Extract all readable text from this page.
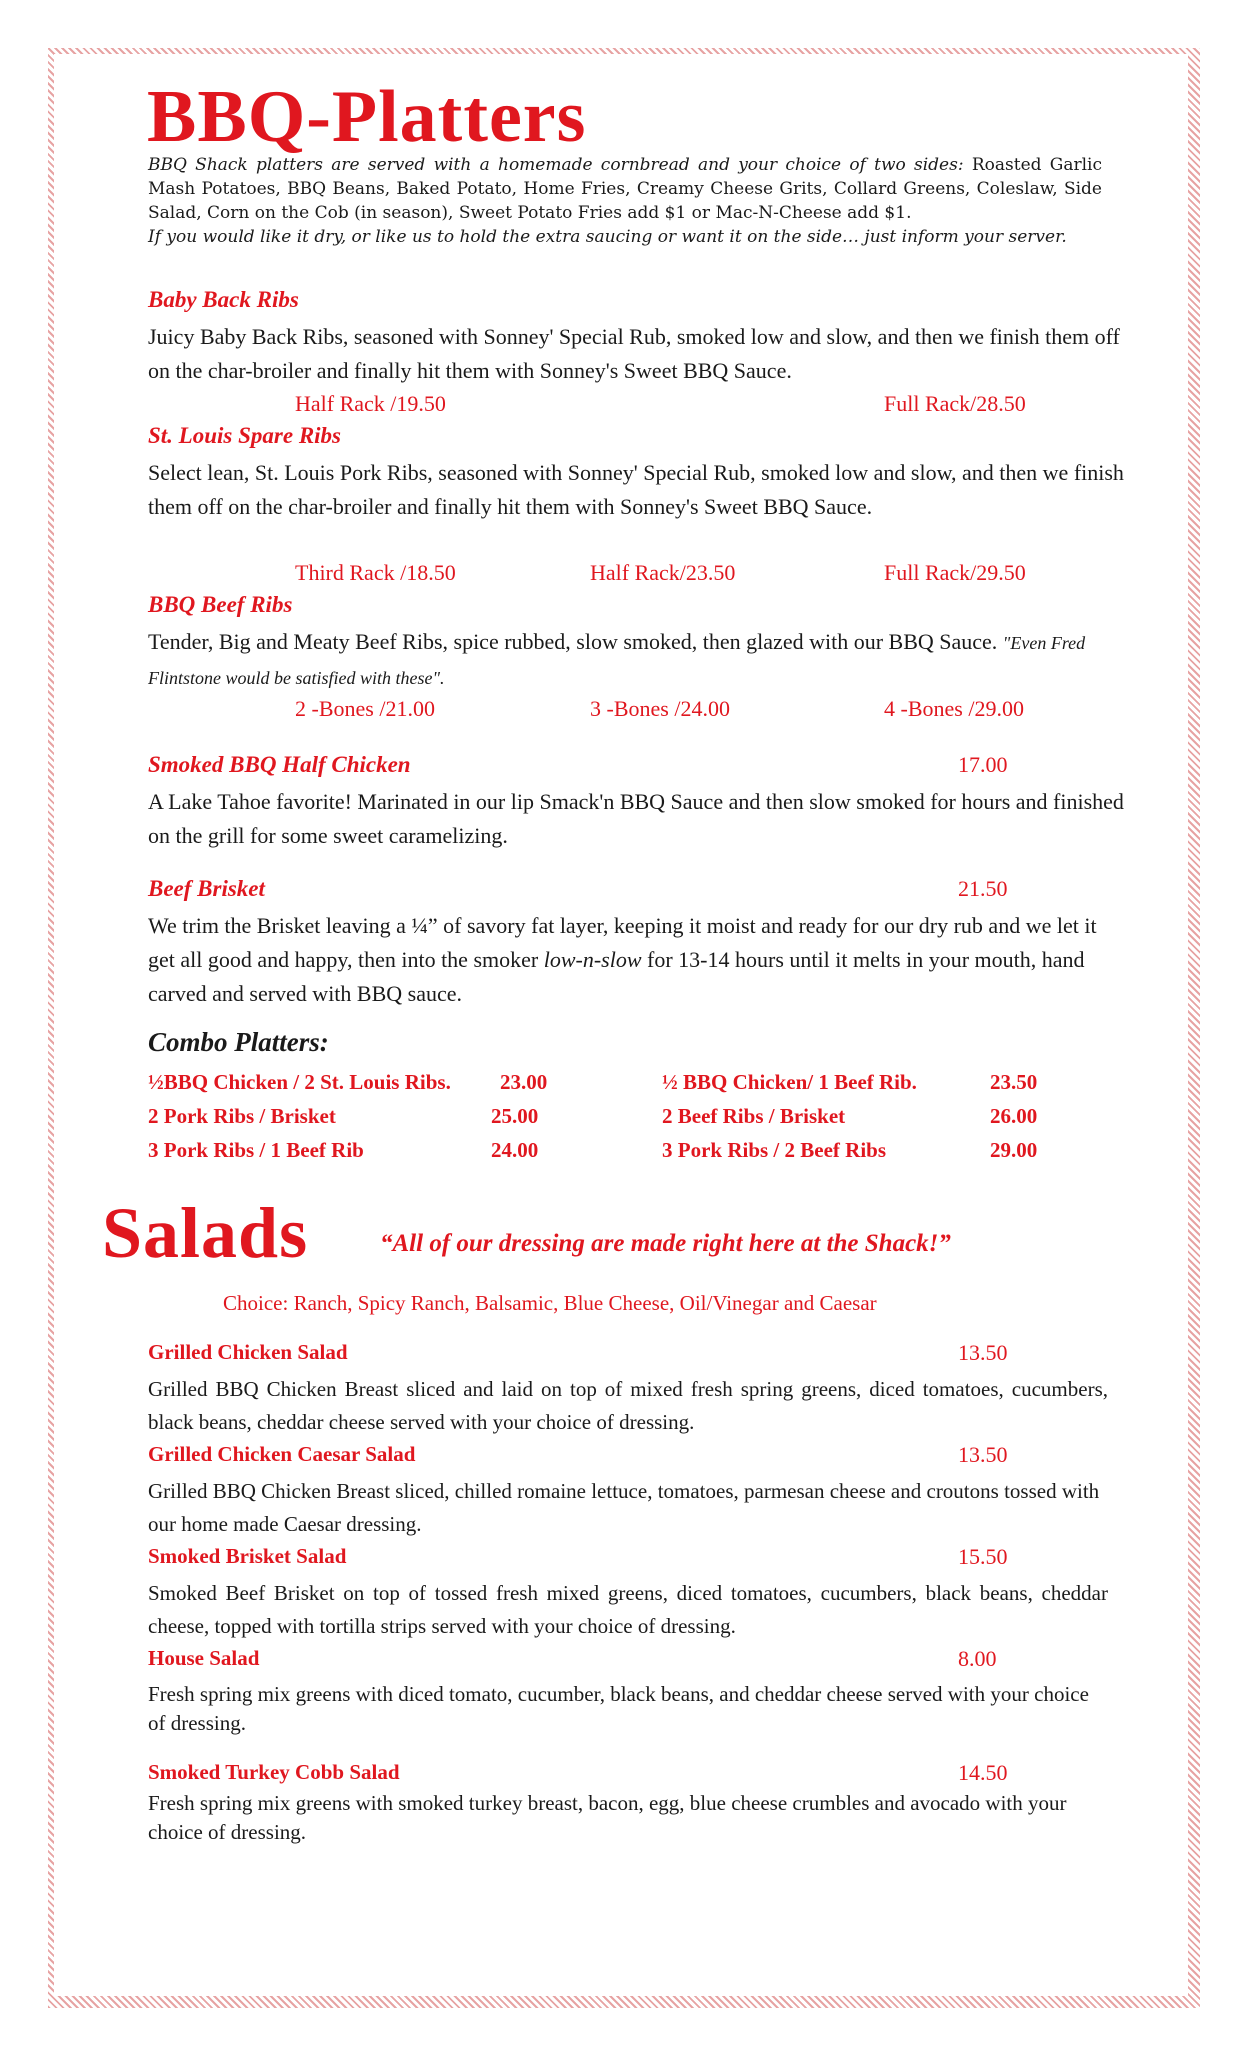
BBQ-Platters
BBQ Shack platters are served with a homemade cornbread and your choice of two sides: Roasted Garlic Mash Potatoes, BBQ Beans, Baked Potato, Home Fries, Creamy Cheese Grits, Collard Greens, Coleslaw, Side Salad, Corn on the Cob (in season), Sweet Potato Fries add $1 or Mac-N-Cheese add $1.
If you would like it dry, or like us to hold the extra saucing or want it on the side… just inform your server.
Baby Back Ribs
Juicy Baby Back Ribs, seasoned with Sonney' Special Rub, smoked low and slow, and then we finish them off on the char-broiler and finally hit them with Sonney's Sweet BBQ Sauce.
Half Rack /19.50	Full Rack/28.50
St. Louis Spare Ribs
Select lean, St. Louis Pork Ribs, seasoned with Sonney' Special Rub, smoked low and slow, and then we finish them off on the char-broiler and finally hit them with Sonney's Sweet BBQ Sauce.
Third Rack /18.50	Half Rack/23.50	Full Rack/29.50
BBQ Beef Ribs
Tender, Big and Meaty Beef Ribs, spice rubbed, slow smoked, then glazed with our BBQ Sauce. "Even Fred Flintstone would be satisfied with these".
2 -Bones /21.00	3 -Bones /24.00	4 -Bones /29.00
Smoked BBQ Half Chicken	17.00
A Lake Tahoe favorite! Marinated in our lip Smack'n BBQ Sauce and then slow smoked for hours and finished on the grill for some sweet caramelizing.
Beef Brisket	21.50
We trim the Brisket leaving a ¼” of savory fat layer, keeping it moist and ready for our dry rub and we let it get all good and happy, then into the smoker low-n-slow for 13-14 hours until it melts in your mouth, hand carved and served with BBQ sauce.
Combo Platters:
½BBQ Chicken / 2 St. Louis Ribs. 23.00
2 Pork Ribs / Brisket	25.00
3 Pork Ribs / 1 Beef Rib	24.00
½ BBQ Chicken/ 1 Beef Rib.	23.50
2 Beef Ribs / Brisket	26.00
3 Pork Ribs / 2 Beef Ribs	29.00
Salads	“All of our dressing are made right here at the Shack!”
Choice: Ranch, Spicy Ranch, Balsamic, Blue Cheese, Oil/Vinegar and Caesar
Grilled Chicken Salad	13.50
Grilled BBQ Chicken Breast sliced and laid on top of mixed fresh spring greens, diced tomatoes, cucumbers, black beans, cheddar cheese served with your choice of dressing.
Grilled Chicken Caesar Salad	13.50
Grilled BBQ Chicken Breast sliced, chilled romaine lettuce, tomatoes, parmesan cheese and croutons tossed with our home made Caesar dressing.
Smoked Brisket Salad	15.50
Smoked Beef Brisket on top of tossed fresh mixed greens, diced tomatoes, cucumbers, black beans, cheddar cheese, topped with tortilla strips served with your choice of dressing.
House Salad	8.00
Fresh spring mix greens with diced tomato, cucumber, black beans, and cheddar cheese served with your choice of dressing.
Smoked Turkey Cobb Salad	14.50
Fresh spring mix greens with smoked turkey breast, bacon, egg, blue cheese crumbles and avocado with your choice of dressing.
